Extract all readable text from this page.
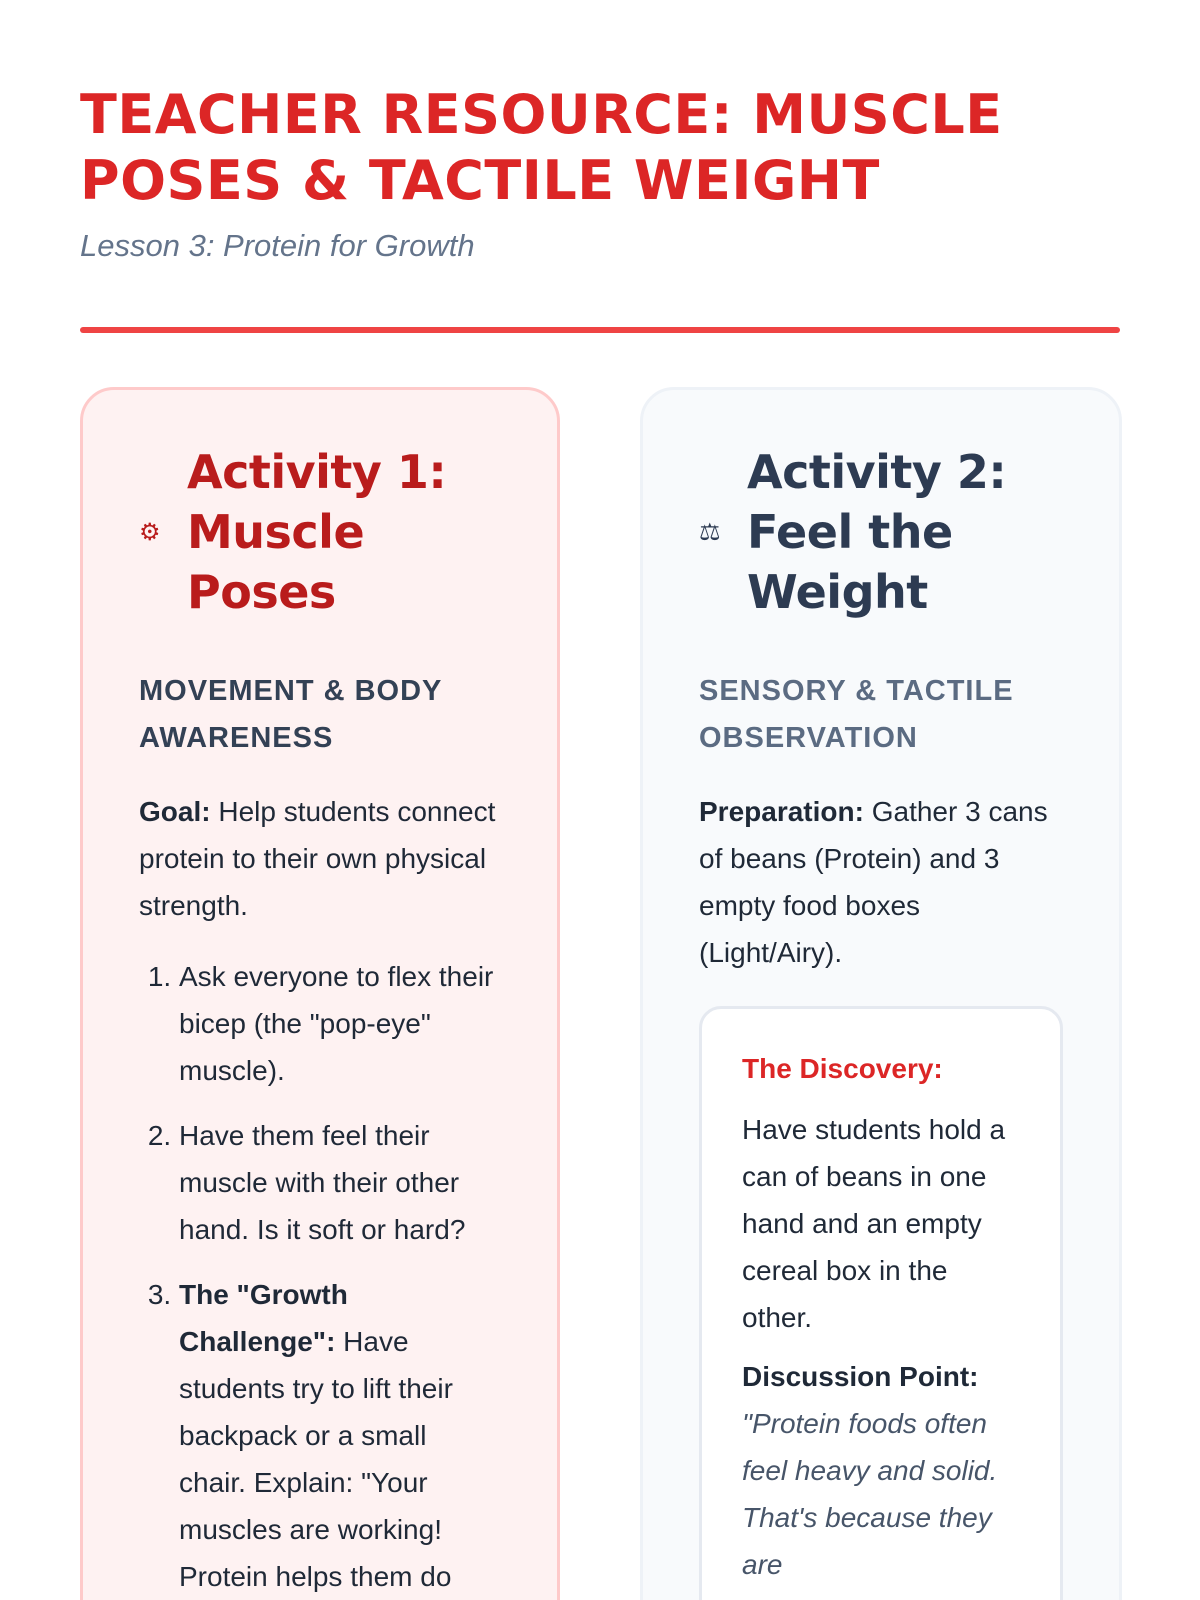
TEACHER RESOURCE: MUSCLE POSES & TACTILE WEIGHT
Lesson 3: Protein for Growth
⚙
Activity 1: Muscle Poses
MOVEMENT & BODY AWARENESS

Goal: Help students connect protein to their own physical strength.

1. Ask everyone to flex their bicep (the "pop-eye" muscle).
2. Have them feel their muscle with their other hand. Is it soft or hard?
3. The "Growth Challenge": Have students try to lift their backpack or a small chair. Explain: "Your muscles are working! Protein helps them do
⚖
Activity 2: Feel the Weight
SENSORY & TACTILE OBSERVATION

Preparation: Gather 3 cans of beans (Protein) and 3 empty food boxes (Light/Airy).

The Discovery:
Have students hold a can of beans in one hand and an empty cereal box in the other.
Discussion Point:
"Protein foods often feel heavy and solid. That's because they are
